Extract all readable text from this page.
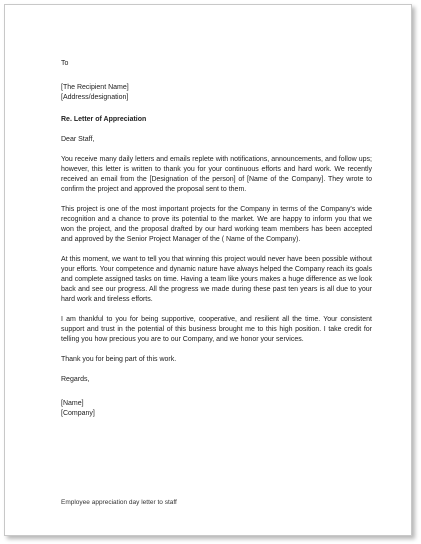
To
[The Recipient Name]
[Address/designation]
Re. Letter of Appreciation
Dear Staff,

You receive many daily letters and emails replete with notifications, announcements, and follow ups; however, this letter is written to thank you for your continuous efforts and hard work. We recently received an email from the [Designation of the person] of [Name of the Company]. They wrote to confirm the project and approved the proposal sent to them.

This project is one of the most important projects for the Company in terms of the Company's wide recognition and a chance to prove its potential to the market. We are happy to inform you that we won the project, and the proposal drafted by our hard working team members has been accepted and approved by the Senior Project Manager of the ( Name of the Company).

At this moment, we want to tell you that winning this project would never have been possible without your efforts. Your competence and dynamic nature have always helped the Company reach its goals and complete assigned tasks on time. Having a team like yours makes a huge difference as we look back and see our progress. All the progress we made during these past ten years is all due to your hard work and tireless efforts.

I am thankful to you for being supportive, cooperative, and resilient all the time. Your consistent support and trust in the potential of this business brought me to this high position. I take credit for telling you how precious you are to our Company, and we honor your services.

Thank you for being part of this work.
Regards,
[Name]
[Company]
Employee appreciation day letter to staff
